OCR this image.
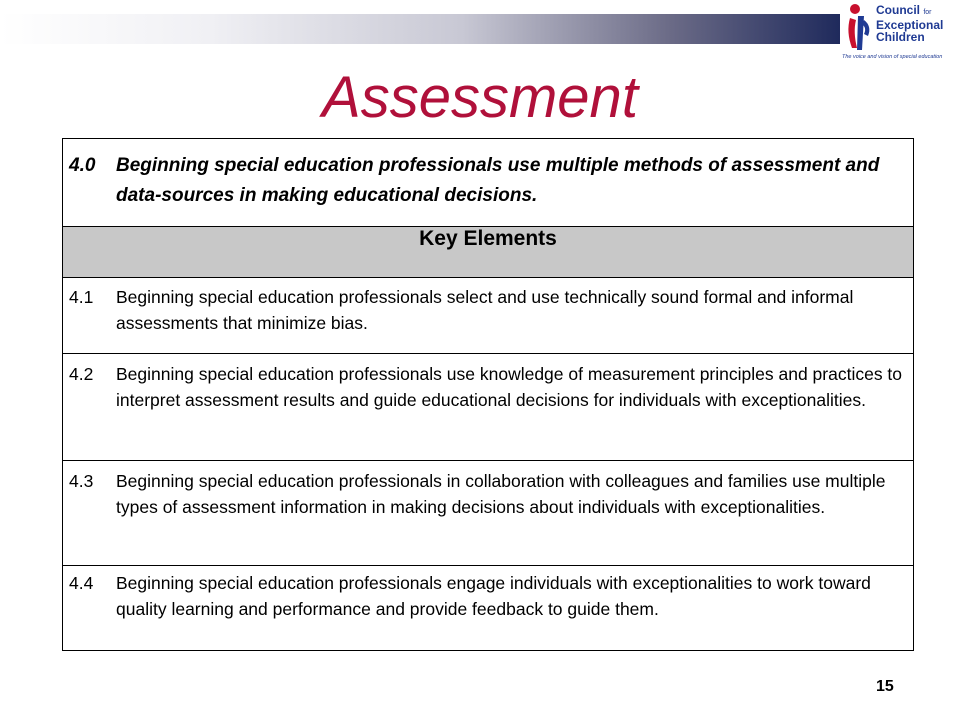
Council for
Exceptional
Children
The voice and vision of special education
Assessment
4.0	Beginning special education professionals use multiple methods of assessment and data-sources in making educational decisions.

Key Elements

4.1	Beginning special education professionals select and use technically sound formal and informal assessments that minimize bias.

4.2	Beginning special education professionals use knowledge of measurement principles and practices to interpret assessment results and guide educational decisions for individuals with exceptionalities.

4.3	Beginning special education professionals in collaboration with colleagues and families use multiple types of assessment information in making decisions about individuals with exceptionalities.

4.4	Beginning special education professionals engage individuals with exceptionalities to work toward quality learning and performance and provide feedback to guide them.
15
